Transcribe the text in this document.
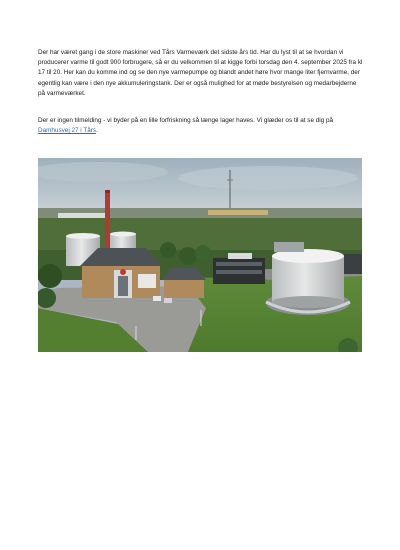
Der har været gang i de store maskiner ved Tårs Varmeværk det sidste års tid. Har du lyst til at se hvordan vi producerer varme til godt 900 forbrugere, så er du velkommen til at kigge forbi torsdag den 4. september 2025 fra kl 17 til 20. Her kan du komme ind og se den nye varmepumpe og blandt andet høre hvor mange liter fjernvarme, der egentlig kan være i den nye akkumuleringstank. Der er også mulighed for at møde bestyrelsen og medarbejderne på varmeværket.

Der er ingen tilmelding - vi byder på en lille forfriskning så længe lager haves. Vi glæder os til at se dig på Damhusvej 27 i Tårs.
